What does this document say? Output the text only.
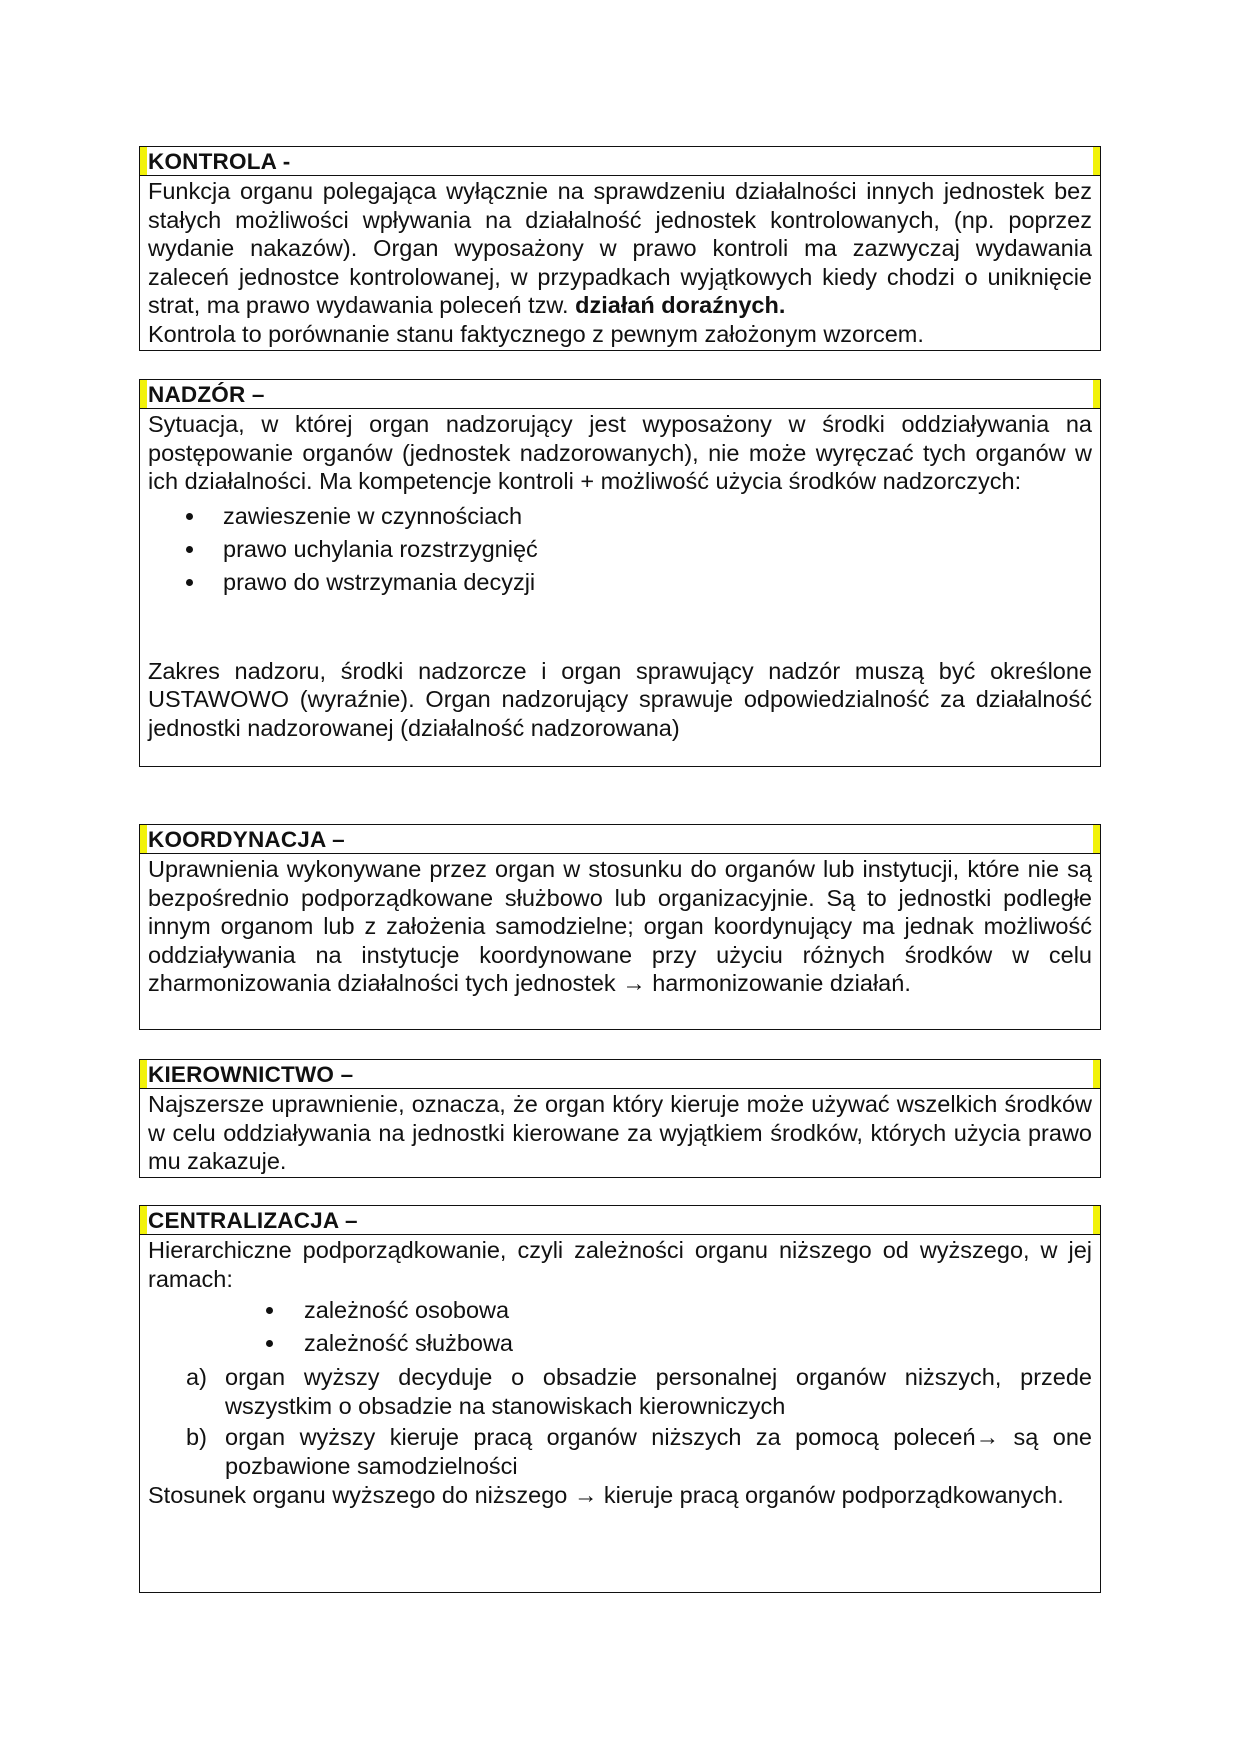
KONTROLA -

Funkcja organu polegająca wyłącznie na sprawdzeniu działalności innych jednostek bez stałych możliwości wpływania na działalność jednostek kontrolowanych, (np. poprzez wydanie nakazów). Organ wyposażony w prawo kontroli ma zazwyczaj wydawania zaleceń jednostce kontrolowanej, w przypadkach wyjątkowych kiedy chodzi o uniknięcie strat, ma prawo wydawania poleceń tzw. działań doraźnych.

Kontrola to porównanie stanu faktycznego z pewnym założonym wzorcem.

NADZÓR –

Sytuacja, w której organ nadzorujący jest wyposażony w środki oddziaływania na postępowanie organów (jednostek nadzorowanych), nie może wyręczać tych organów w ich działalności. Ma kompetencje kontroli + możliwość użycia środków nadzorczych:

zawieszenie w czynnościach
prawo uchylania rozstrzygnięć
prawo do wstrzymania decyzji

Zakres nadzoru, środki nadzorcze i organ sprawujący nadzór muszą być określone USTAWOWO (wyraźnie). Organ nadzorujący sprawuje odpowiedzialność za działalność jednostki nadzorowanej (działalność nadzorowana)

KOORDYNACJA –

Uprawnienia wykonywane przez organ w stosunku do organów lub instytucji, które nie są bezpośrednio podporządkowane służbowo lub organizacyjnie. Są to jednostki podległe innym organom lub z założenia samodzielne; organ koordynujący ma jednak możliwość oddziaływania na instytucje koordynowane przy użyciu różnych środków w celu zharmonizowania działalności tych jednostek → harmonizowanie działań.

KIEROWNICTWO –

Najszersze uprawnienie, oznacza, że organ który kieruje może używać wszelkich środków w celu oddziaływania na jednostki kierowane za wyjątkiem środków, których użycia prawo mu zakazuje.

CENTRALIZACJA –

Hierarchiczne podporządkowanie, czyli zależności organu niższego od wyższego, w jej ramach:

zależność osobowa
zależność służbowa
a) organ wyższy decyduje o obsadzie personalnej organów niższych, przede wszystkim o obsadzie na stanowiskach kierowniczych
b) organ wyższy kieruje pracą organów niższych za pomocą poleceń→ są one pozbawione samodzielności

Stosunek organu wyższego do niższego → kieruje pracą organów podporządkowanych.
